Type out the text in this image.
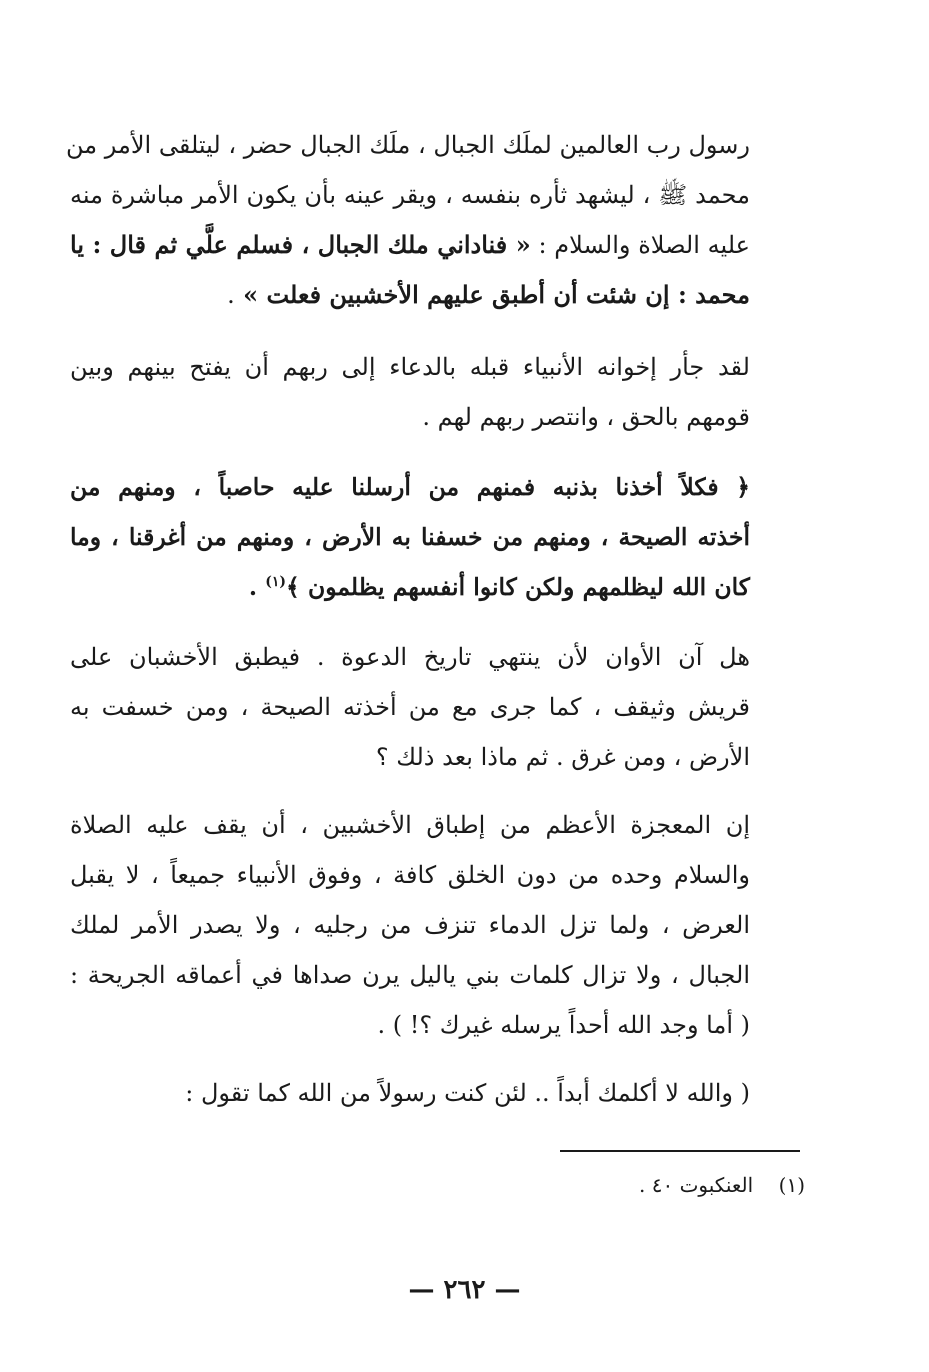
رسول رب العالمين لملَك الجبال ، ملَك الجبال حضر ، ليتلقى الأمر من
محمد ﷺ ، ليشهد ثأره بنفسه ، ويقر عينه بأن يكون الأمر مباشرة منه
عليه الصلاة والسلام : « فناداني ملك الجبال ، فسلم علَّي ثم قال : يا
محمد : إن شئت أن أطبق عليهم الأخشبين فعلت » .
لقد جأر إخوانه الأنبياء قبله بالدعاء إلى ربهم أن يفتح بينهم وبين
قومهم بالحق ، وانتصر ربهم لهم .
﴿ فكلاً أخذنا بذنبه فمنهم من أرسلنا عليه حاصباً ، ومنهم من
أخذته الصيحة ، ومنهم من خسفنا به الأرض ، ومنهم من أغرقنا ، وما
كان الله ليظلمهم ولكن كانوا أنفسهم يظلمون ﴾$^{(١)}$ .
هل آن الأوان لأن ينتهي تاريخ الدعوة . فيطبق الأخشبان على
قريش وثيقف ، كما جرى مع من أخذته الصيحة ، ومن خسفت به
الأرض ، ومن غرق . ثم ماذا بعد ذلك ؟
إن المعجزة الأعظم من إطباق الأخشبين ، أن يقف عليه الصلاة
والسلام وحده من دون الخلق كافة ، وفوق الأنبياء جميعاً ، لا يقبل
العرض ، ولما تزل الدماء تنزف من رجليه ، ولا يصدر الأمر لملك
الجبال ، ولا تزال كلمات بني ياليل يرن صداها في أعماقه الجريحة :
( أما وجد الله أحداً يرسله غيرك ؟! ) .
( والله لا أكلمك أبداً .. لئن كنت رسولاً من الله كما تقول :
(١)    العنكبوت ٤٠ .
— ٢٦٢ —
